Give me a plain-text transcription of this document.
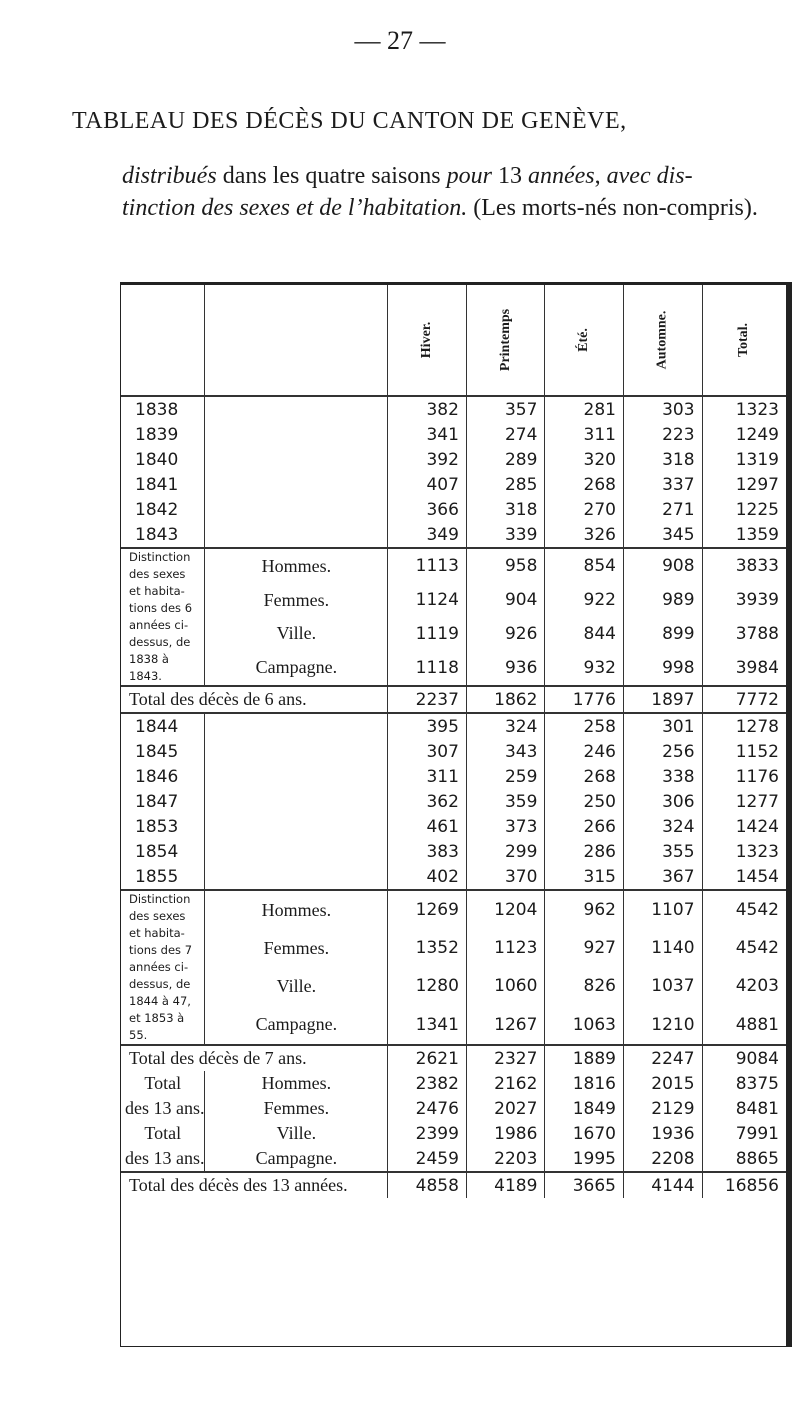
— 27 —
TABLEAU DES DÉCÈS DU CANTON DE GENÈVE,
distribués dans les quatre saisons pour 13 années, avec dis- tinction des sexes et de l’habitation. (Les morts-nés non-compris).
		Hiver.	Printemps	Été.	Automne.	Total.
1838		382	357	281	303	1323
1839		341	274	311	223	1249
1840		392	289	320	318	1319
1841		407	285	268	337	1297
1842		366	318	270	271	1225
1843		349	339	326	345	1359
Distinction des sexes et habita- tions des 6 années ci-dessus, de 1838 à 1843.	Hommes.	1113	958	854	908	3833
	Femmes.	1124	904	922	989	3939
	Ville.	1119	926	844	899	3788
	Campagne.	1118	936	932	998	3984
Total des décès de 6 ans.		2237	1862	1776	1897	7772
1844		395	324	258	301	1278
1845		307	343	246	256	1152
1846		311	259	268	338	1176
1847		362	359	250	306	1277
1853		461	373	266	324	1424
1854		383	299	286	355	1323
1855		402	370	315	367	1454
Distinction des sexes et habita- tions des 7 années ci-dessus, de 1844 à 47, et 1853 à 55.	Hommes.	1269	1204	962	1107	4542
	Femmes.	1352	1123	927	1140	4542
	Ville.	1280	1060	826	1037	4203
	Campagne.	1341	1267	1063	1210	4881
Total des décès de 7 ans.		2621	2327	1889	2247	9084
Total	Hommes.	2382	2162	1816	2015	8375
des 13 ans.	Femmes.	2476	2027	1849	2129	8481
Total	Ville.	2399	1986	1670	1936	7991
des 13 ans.	Campagne.	2459	2203	1995	2208	8865
Total des décès des 13 années.		4858	4189	3665	4144	16856
